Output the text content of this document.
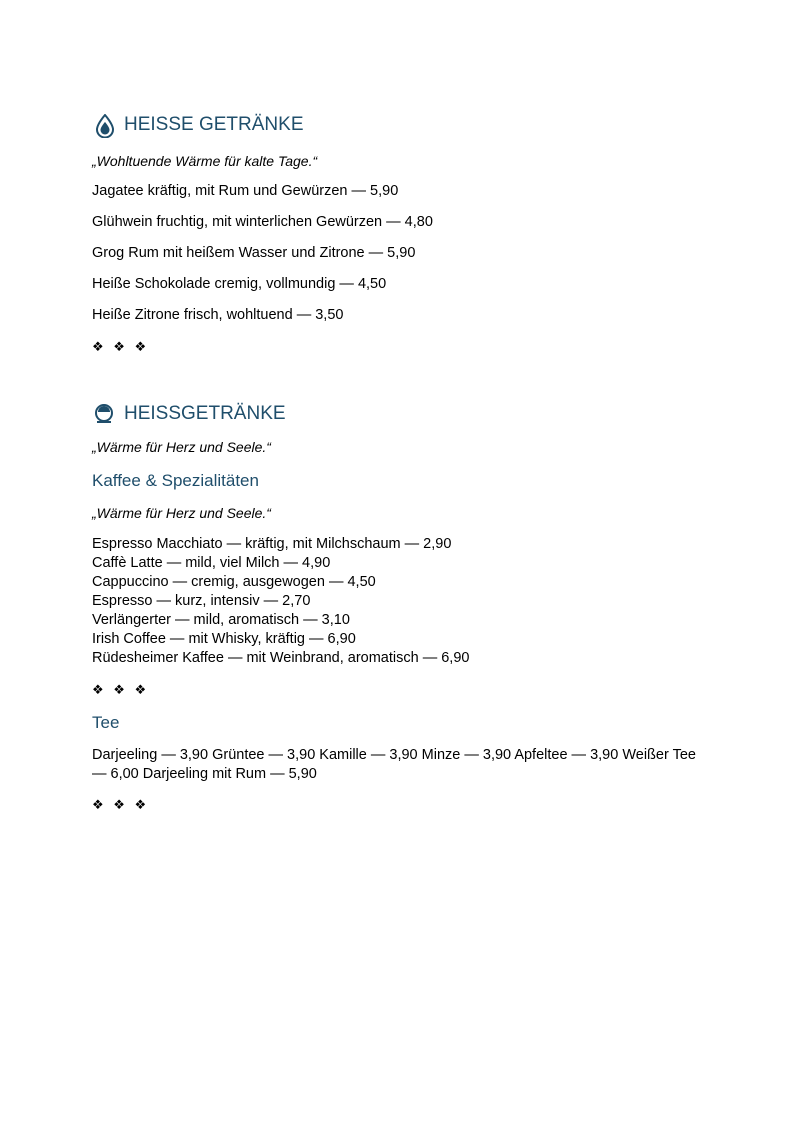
HEISSE GETRÄNKE
„Wohltuende Wärme für kalte Tage.“
Jagatee kräftig, mit Rum und Gewürzen — 5,90
Glühwein fruchtig, mit winterlichen Gewürzen — 4,80
Grog Rum mit heißem Wasser und Zitrone — 5,90
Heiße Schokolade cremig, vollmundig — 4,50
Heiße Zitrone frisch, wohltuend — 3,50
❖ ❖ ❖
HEISSGETRÄNKE
„Wärme für Herz und Seele.“
Kaffee & Spezialitäten
„Wärme für Herz und Seele.“
Espresso Macchiato — kräftig, mit Milchschaum — 2,90
Caffè Latte — mild, viel Milch — 4,90
Cappuccino — cremig, ausgewogen — 4,50
Espresso — kurz, intensiv — 2,70
Verlängerter — mild, aromatisch — 3,10
Irish Coffee — mit Whisky, kräftig — 6,90
Rüdesheimer Kaffee — mit Weinbrand, aromatisch — 6,90
❖ ❖ ❖
Tee
Darjeeling — 3,90 Grüntee — 3,90 Kamille — 3,90 Minze — 3,90 Apfeltee — 3,90 Weißer Tee — 6,00 Darjeeling mit Rum — 5,90
❖ ❖ ❖
